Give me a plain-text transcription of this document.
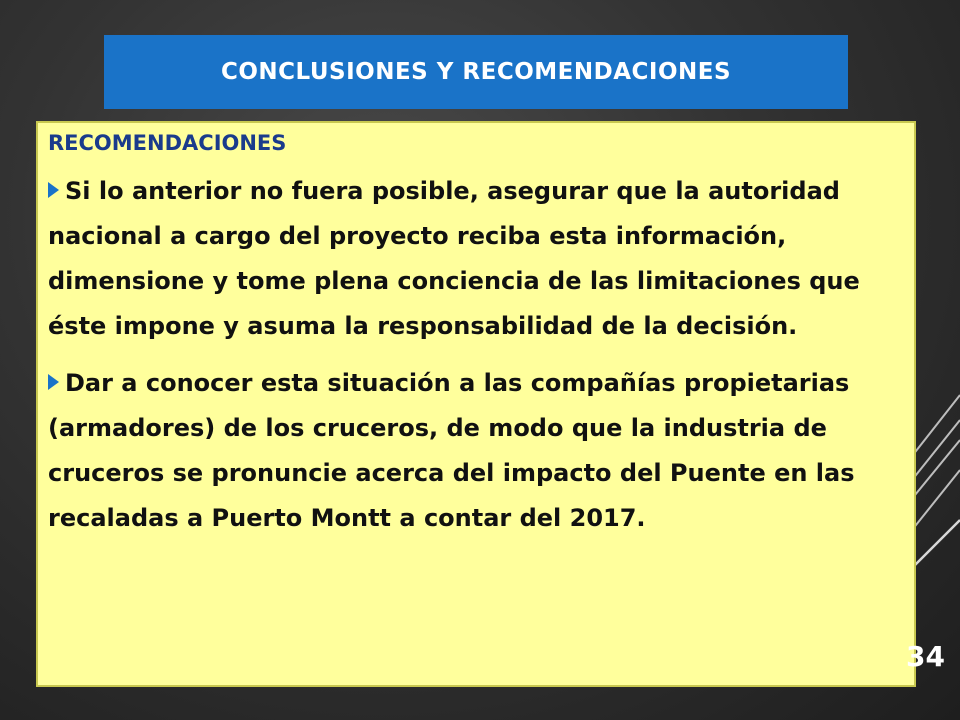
CONCLUSIONES Y RECOMENDACIONES
RECOMENDACIONES
Si lo anterior no fuera posible, asegurar que la autoridad nacional a cargo del proyecto reciba esta información, dimensione y tome plena conciencia de las limitaciones que éste impone y asuma la responsabilidad de la decisión.
Dar a conocer esta situación a las compañías propietarias (armadores) de los cruceros, de modo que la industria de cruceros se pronuncie acerca del impacto del Puente en las recaladas a Puerto Montt a contar del 2017.
34
